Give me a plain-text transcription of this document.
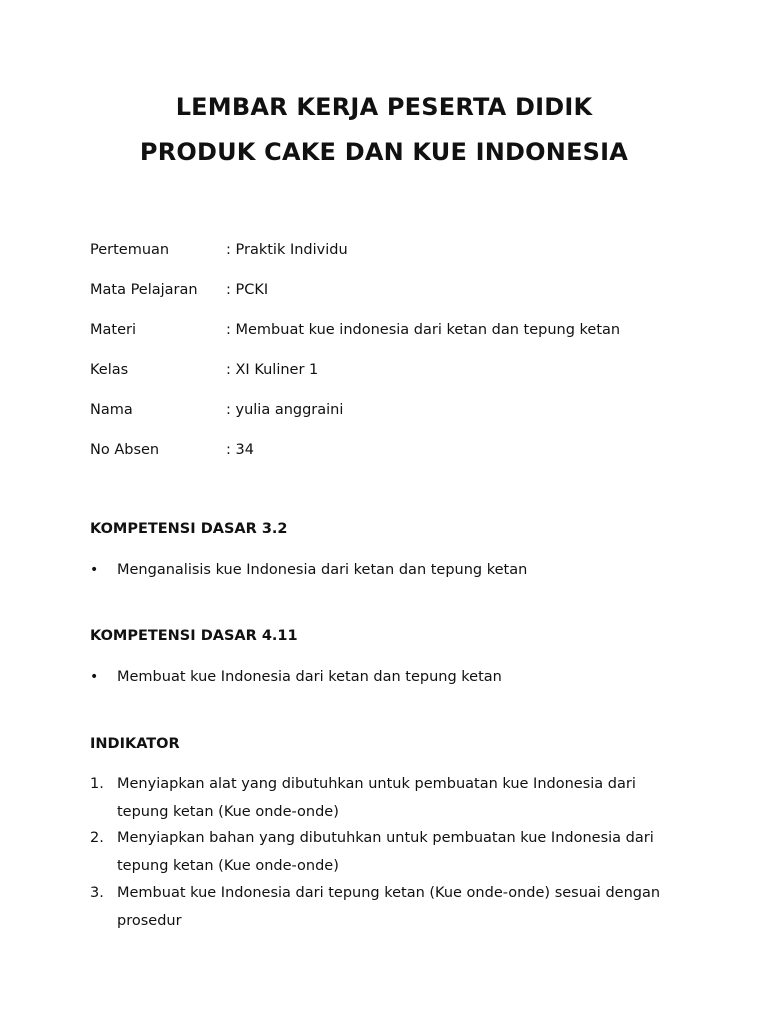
LEMBAR KERJA PESERTA DIDIK
PRODUK CAKE DAN KUE INDONESIA
Pertemuan	: Praktik Individu
Mata Pelajaran	: PCKI
Materi	: Membuat kue indonesia dari ketan dan tepung ketan
Kelas	: XI Kuliner 1
Nama	: yulia anggraini
No Absen	: 34
KOMPETENSI DASAR 3.2
•	Menganalisis kue Indonesia dari ketan dan tepung ketan
KOMPETENSI DASAR 4.11
•	Membuat kue Indonesia dari ketan dan tepung ketan
INDIKATOR
1. Menyiapkan alat yang dibutuhkan untuk pembuatan kue Indonesia dari tepung ketan (Kue onde-onde)
2. Menyiapkan bahan yang dibutuhkan untuk pembuatan kue Indonesia dari tepung ketan (Kue onde-onde)
3. Membuat kue Indonesia dari tepung ketan (Kue onde-onde) sesuai dengan prosedur
